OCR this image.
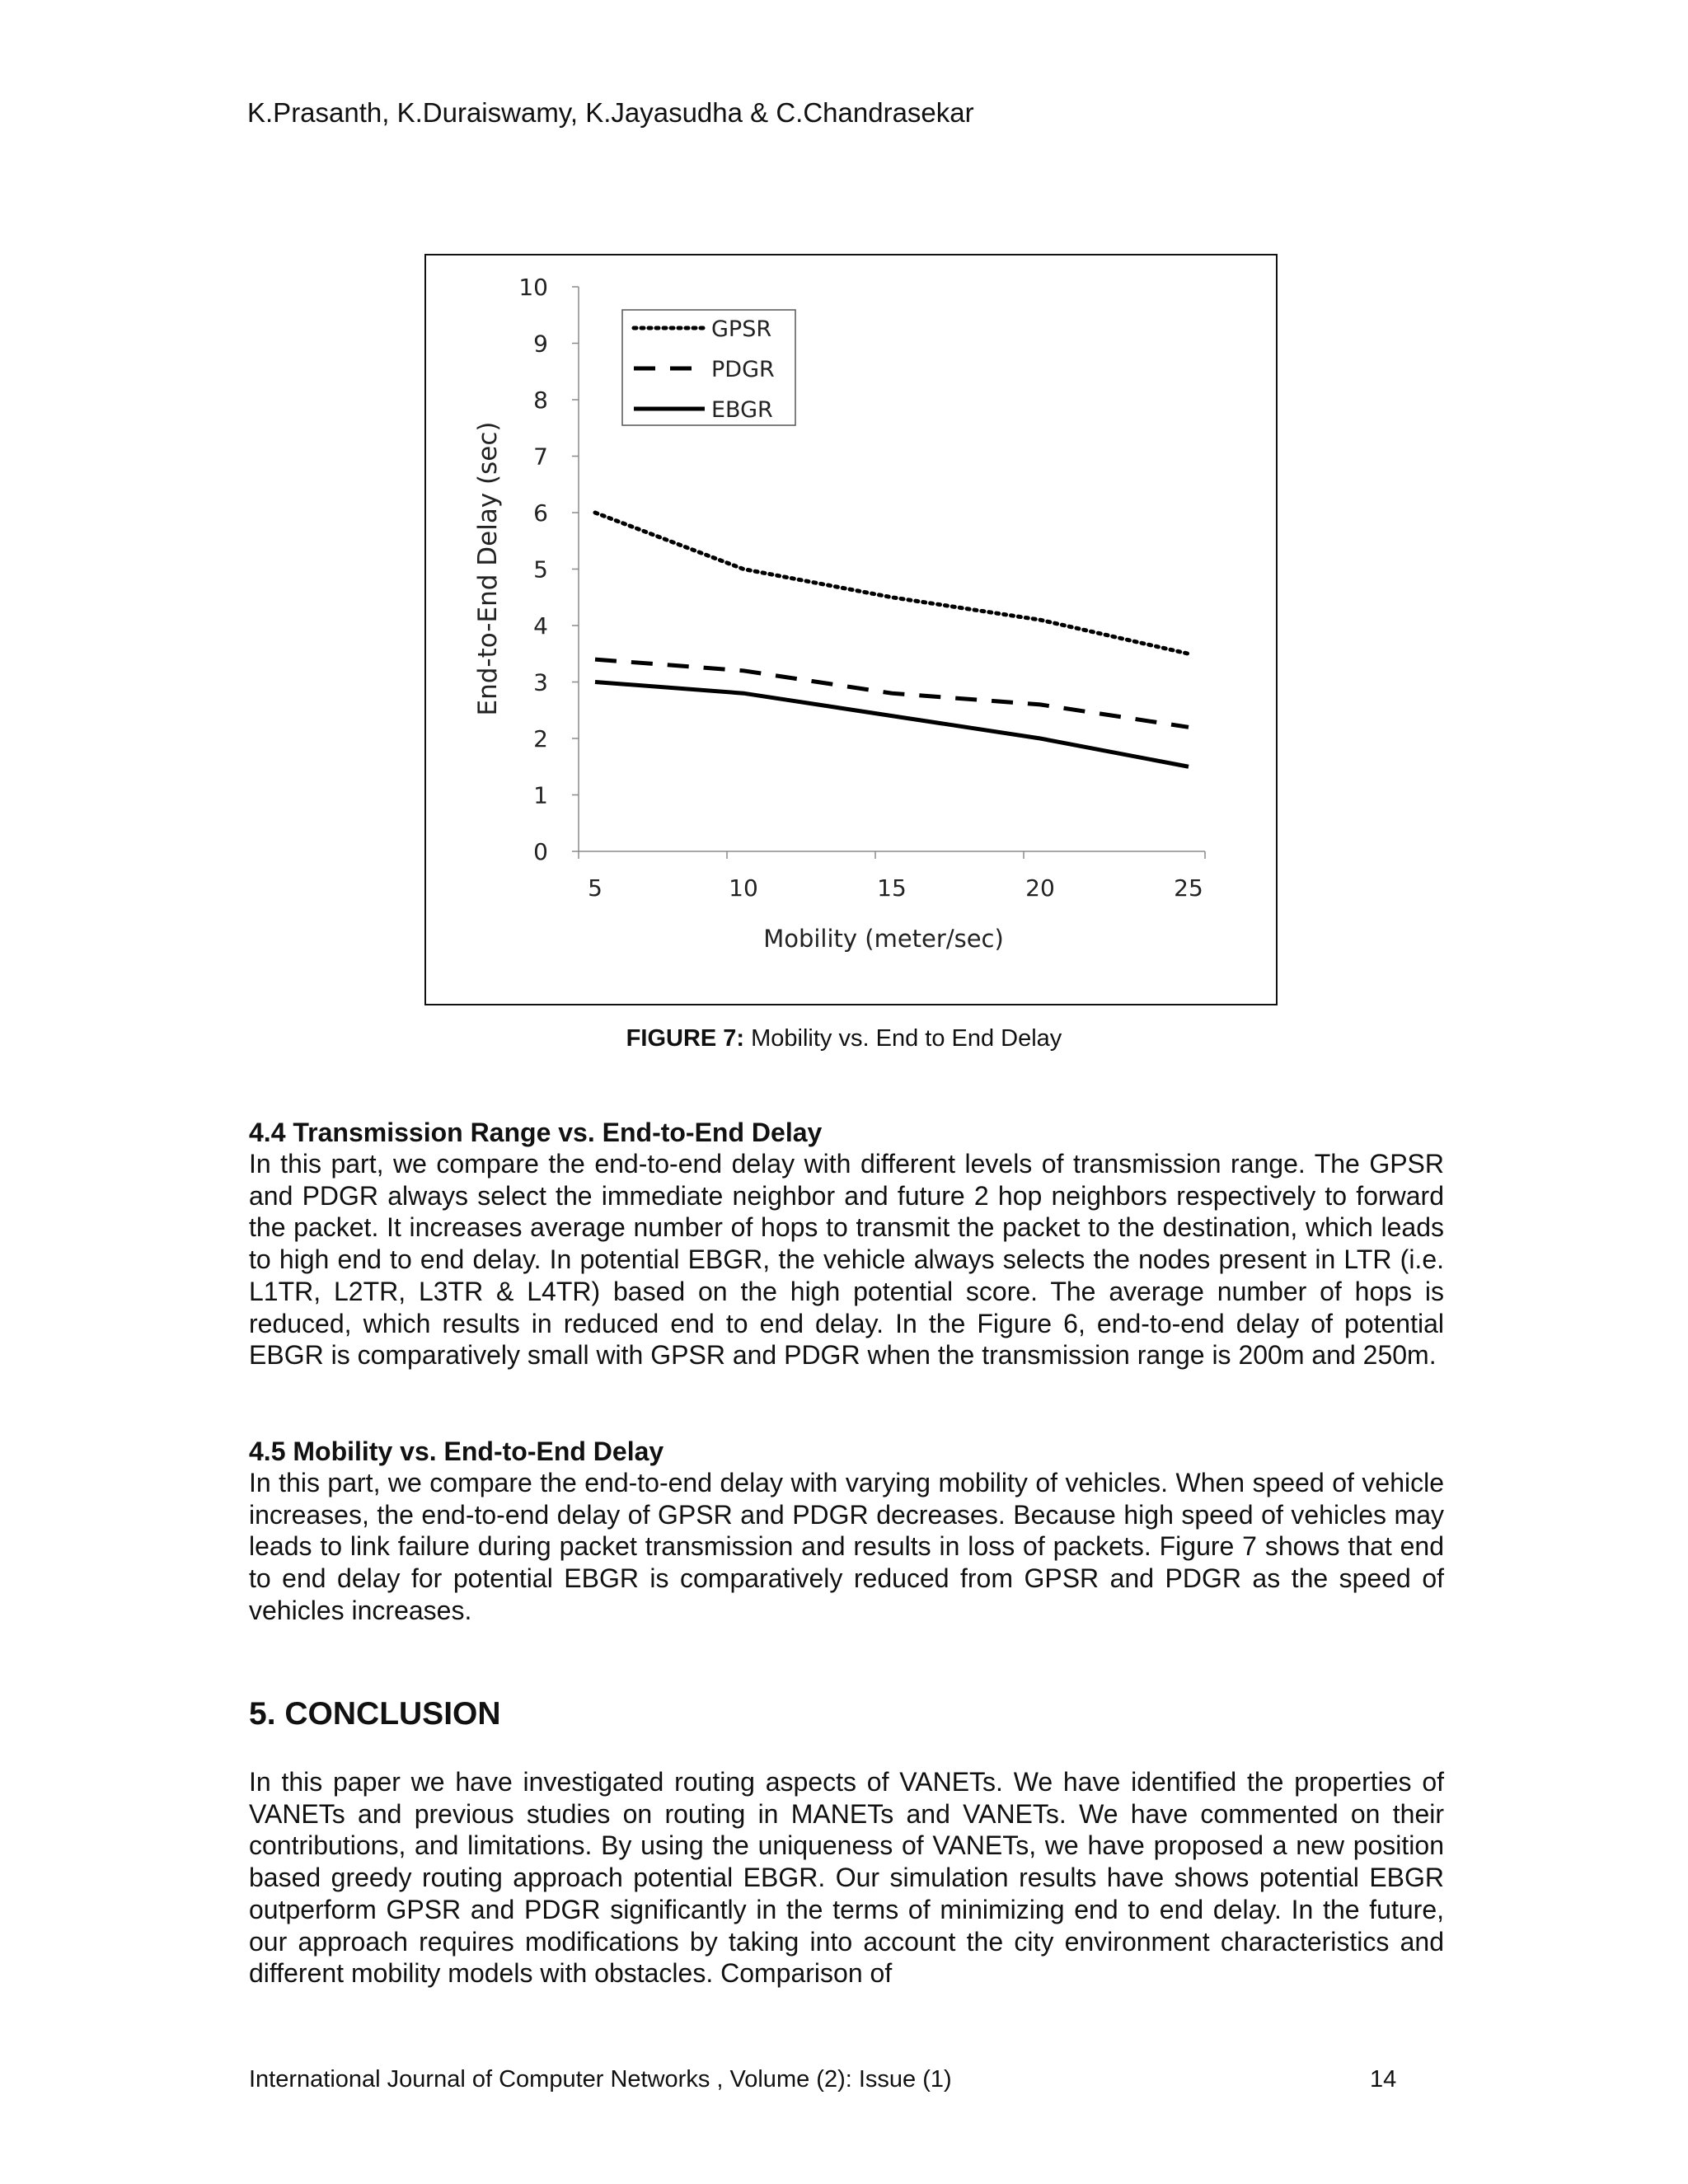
K.Prasanth, K.Duraiswamy, K.Jayasudha & C.Chandrasekar
0
1
2
3
4
5
6
7
8
9
10
5	10	15	20	25
Mobility (meter/sec)
End-to-End Delay (sec)
GPSR
PDGR
EBGR
FIGURE 7: Mobility vs. End to End Delay
4.4 Transmission Range vs. End-to-End Delay

In this part, we compare the end-to-end delay with different levels of transmission range. The GPSR and PDGR always select the immediate neighbor and future 2 hop neighbors respectively to forward the packet. It increases average number of hops to transmit the packet to the destination, which leads to high end to end delay. In potential EBGR, the vehicle always selects the nodes present in LTR (i.e. L1TR, L2TR, L3TR & L4TR) based on the high potential score. The average number of hops is reduced, which results in reduced end to end delay. In the Figure 6, end-to-end delay of potential EBGR is comparatively small with GPSR and PDGR when the transmission range is 200m and 250m.

4.5 Mobility vs. End-to-End Delay

In this part, we compare the end-to-end delay with varying mobility of vehicles. When speed of vehicle increases, the end-to-end delay of GPSR and PDGR decreases. Because high speed of vehicles may leads to link failure during packet transmission and results in loss of packets. Figure 7 shows that end to end delay for potential EBGR is comparatively reduced from GPSR and PDGR as the speed of vehicles increases.

5. CONCLUSION

In this paper we have investigated routing aspects of VANETs. We have identified the properties of VANETs and previous studies on routing in MANETs and VANETs. We have commented on their contributions, and limitations. By using the uniqueness of VANETs, we have proposed a new position based greedy routing approach potential EBGR. Our simulation results have shows potential EBGR outperform GPSR and PDGR significantly in the terms of minimizing end to end delay. In the future, our approach requires modifications by taking into account the city environment characteristics and different mobility models with obstacles. Comparison of

International Journal of Computer Networks , Volume (2): Issue (1)	14
